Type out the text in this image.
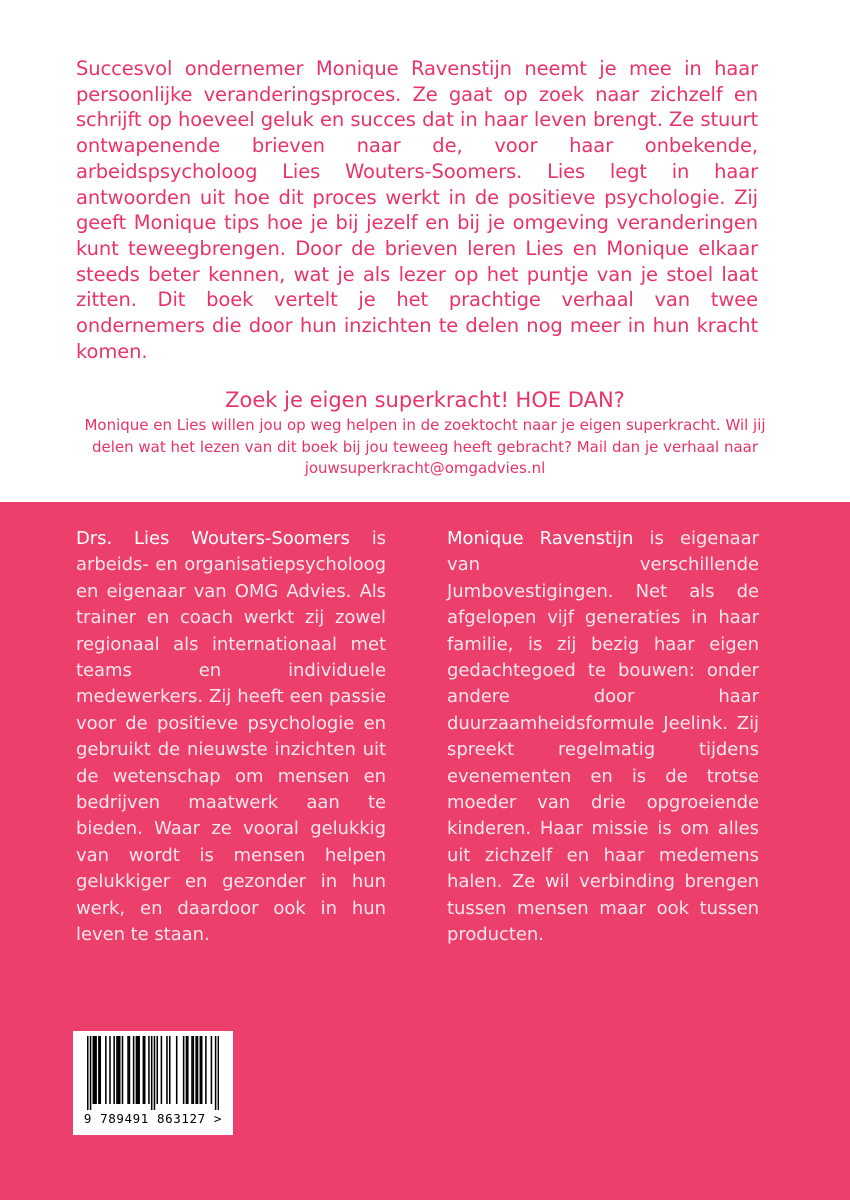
Succesvol ondernemer Monique Ravenstijn neemt je mee in haar persoonlijke veranderingsproces. Ze gaat op zoek naar zichzelf en schrijft op hoeveel geluk en succes dat in haar leven brengt. Ze stuurt ontwapenende brieven naar de, voor haar onbekende, arbeidspsycholoog Lies Wouters-Soomers. Lies legt in haar antwoorden uit hoe dit proces werkt in de positieve psychologie. Zij geeft Monique tips hoe je bij jezelf en bij je omgeving veranderingen kunt teweegbrengen. Door de brieven leren Lies en Monique elkaar steeds beter kennen, wat je als lezer op het puntje van je stoel laat zitten. Dit boek vertelt je het prachtige verhaal van twee ondernemers die door hun inzichten te delen nog meer in hun kracht komen.

Zoek je eigen superkracht! HOE DAN?

Monique en Lies willen jou op weg helpen in de zoektocht naar je eigen superkracht. Wil jij delen wat het lezen van dit boek bij jou teweeg heeft gebracht? Mail dan je verhaal naar jouwsuperkracht@omgadvies.nl

Drs. Lies Wouters-Soomers is arbeids- en organisatiepsycholoog en eigenaar van OMG Advies. Als trainer en coach werkt zij zowel regionaal als internationaal met teams en individuele medewerkers. Zij heeft een passie voor de positieve psychologie en gebruikt de nieuwste inzichten uit de wetenschap om mensen en bedrijven maatwerk aan te bieden. Waar ze vooral gelukkig van wordt is mensen helpen gelukkiger en gezonder in hun werk, en daardoor ook in hun leven te staan.

Monique Ravenstijn is eigenaar van verschillende Jumbovestigingen. Net als de afgelopen vijf generaties in haar familie, is zij bezig haar eigen gedachtegoed te bouwen: onder andere door haar duurzaamheidsformule Jeelink. Zij spreekt regelmatig tijdens evenementen en is de trotse moeder van drie opgroeiende kinderen. Haar missie is om alles uit zichzelf en haar medemens halen. Ze wil verbinding brengen tussen mensen maar ook tussen producten.

9 789491 863127 >
